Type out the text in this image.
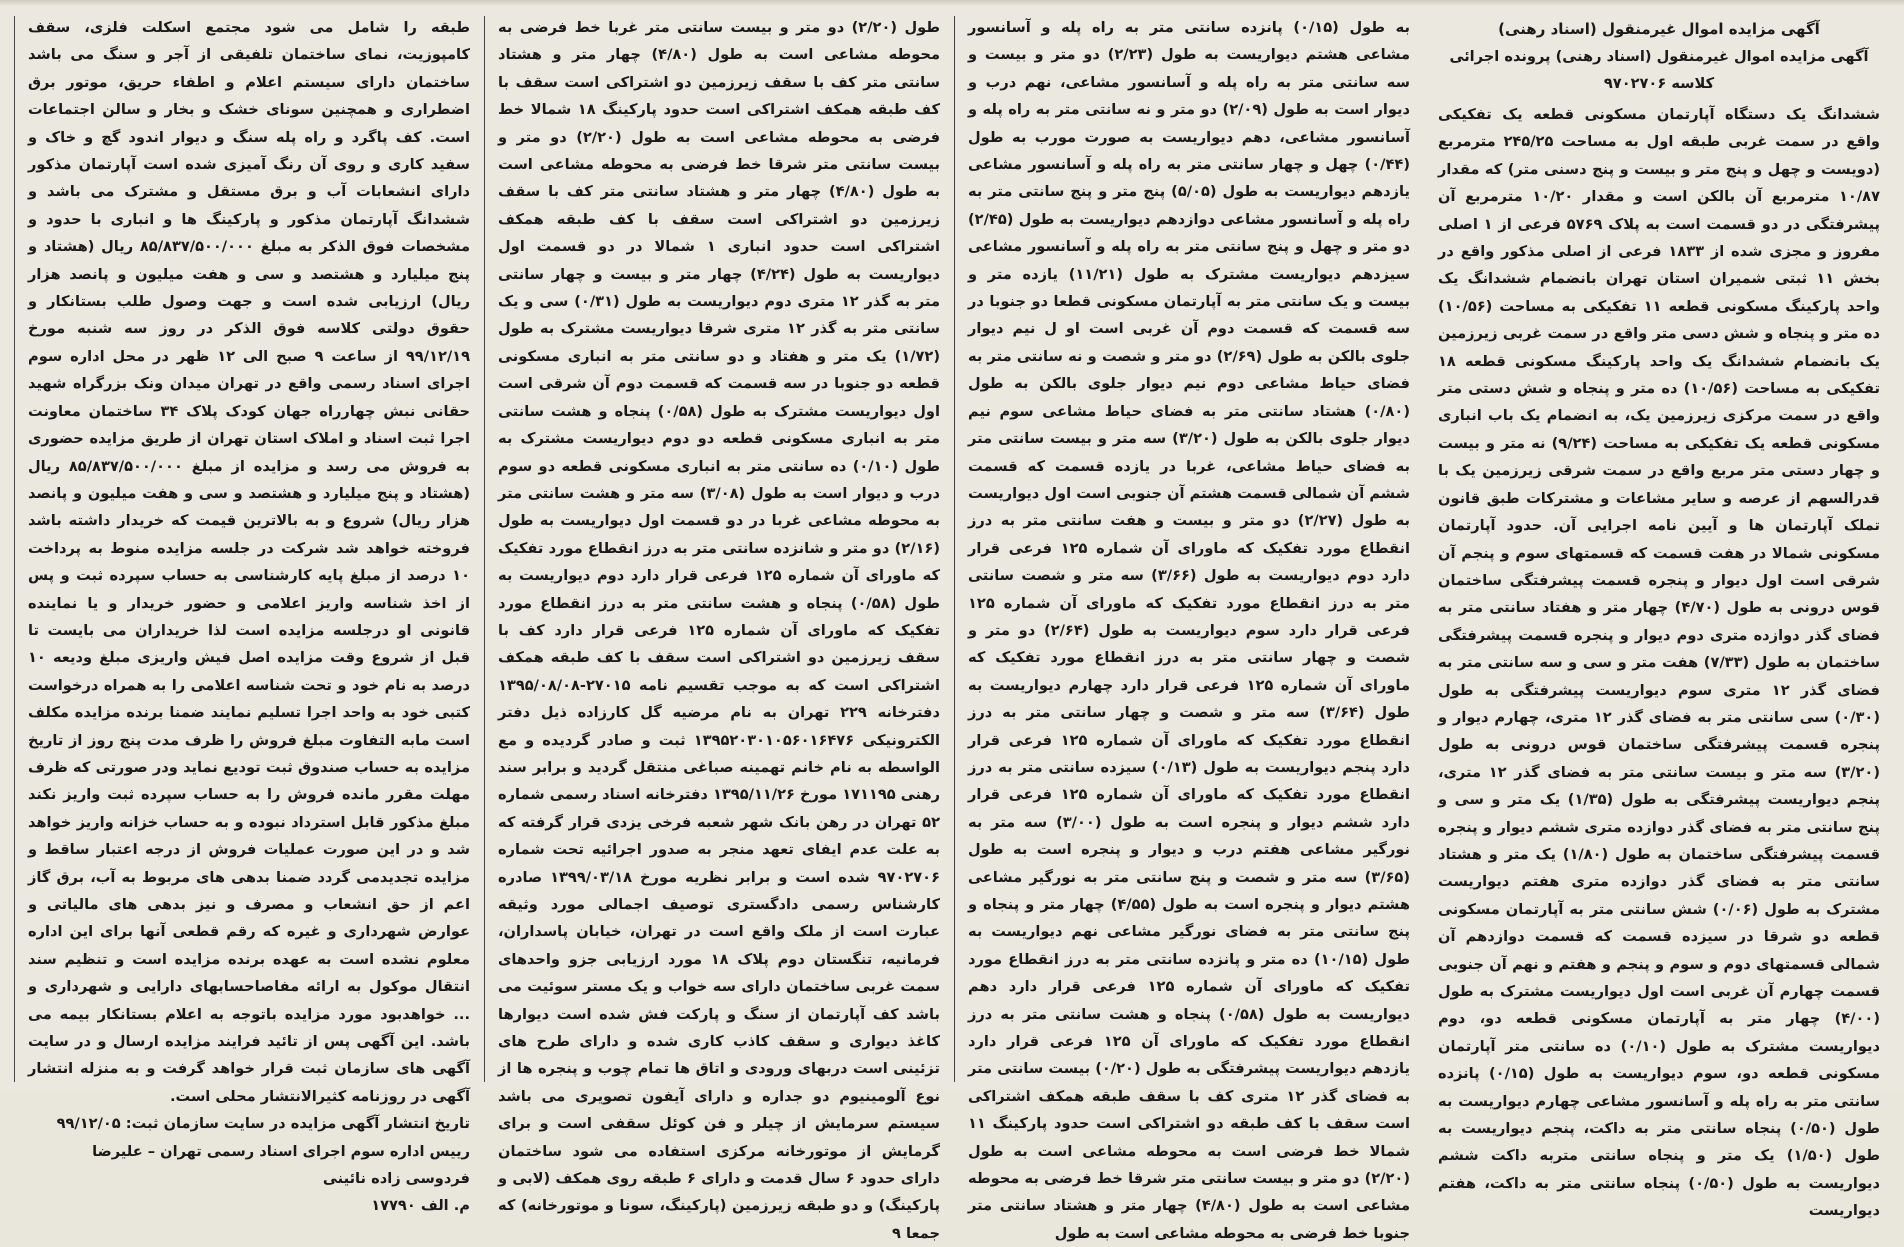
آگهی مزایده اموال غیرمنقول (اسناد رهنی)
آگهی مزایده اموال غیرمنقول (اسناد رهنی) پرونده اجرائی
کلاسه ۹۷۰۲۷۰۶

ششدانگ یک دستگاه آپارتمان مسکونی قطعه یک تفکیکی واقع در سمت غربی طبقه اول به مساحت ۲۴۵/۲۵ مترمربع (دویست و چهل و پنج متر و بیست و پنج دسنی متر) که مقدار ۱۰/۸۷ مترمربع آن بالکن است و مقدار ۱۰/۲۰ مترمربع آن پیشرفتگی در دو قسمت است به پلاک ۵۷۶۹ فرعی از ۱ اصلی مفروز و مجزی شده از ۱۸۳۳ فرعی از اصلی مذکور واقع در بخش ۱۱ ثبتی شمیران استان تهران بانضمام ششدانگ یک واحد پارکینگ مسکونی قطعه ۱۱ تفکیکی به مساحت (۱۰/۵۶) ده متر و پنجاه و شش دسی متر واقع در سمت غربی زیرزمین یک بانضمام ششدانگ یک واحد پارکینگ مسکونی قطعه ۱۸ تفکیکی به مساحت (۱۰/۵۶) ده متر و پنجاه و شش دستی متر واقع در سمت مرکزی زیرزمین یک، به انضمام یک باب انباری مسکونی قطعه یک تفکیکی به مساحت (۹/۲۴) نه متر و بیست و چهار دستی متر مربع واقع در سمت شرقی زیرزمین یک با قدرالسهم از عرصه و سایر مشاعات و مشترکات طبق قانون تملک آپارتمان ها و آیین نامه اجرایی آن. حدود آپارتمان مسکونی شمالا در هفت قسمت که قسمتهای سوم و پنجم آن شرقی است اول دیوار و پنجره قسمت پیشرفتگی ساختمان قوس درونی به طول (۴/۷۰) چهار متر و هفتاد سانتی متر به فضای گذر دوازده متری دوم دیوار و پنجره قسمت پیشرفتگی ساختمان به طول (۷/۳۳) هفت متر و سی و سه سانتی متر به فضای گذر ۱۲ متری سوم دیواریست پیشرفتگی به طول (۰/۳۰) سی سانتی متر به فضای گذر ۱۲ متری، چهارم دیوار و پنجره قسمت پیشرفتگی ساختمان قوس درونی به طول (۳/۲۰) سه متر و بیست سانتی متر به فضای گذر ۱۲ متری، پنجم دیواریست پیشرفتگی به طول (۱/۳۵) یک متر و سی و پنج سانتی متر به فضای گذر دوازده متری ششم دیوار و پنجره قسمت پیشرفتگی ساختمان به طول (۱/۸۰) یک متر و هشتاد سانتی متر به فضای گذر دوازده متری هفتم دیواریست مشترک به طول (۰/۰۶) شش سانتی متر به آپارتمان مسکونی قطعه دو شرقا در سیزده قسمت که قسمت دوازدهم آن شمالی قسمتهای دوم و سوم و پنجم و هفتم و نهم آن جنوبی قسمت چهارم آن غربی است اول دیواریست مشترک به طول (۴/۰۰) چهار متر به آپارتمان مسکونی قطعه دو، دوم دیواریست مشترک به طول (۰/۱۰) ده سانتی متر آپارتمان مسکونی قطعه دو، سوم دیواریست به طول (۰/۱۵) پانزده سانتی متر به راه پله و آسانسور مشاعی چهارم دیواریست به طول (۰/۵۰) پنجاه سانتی متر به داکت، پنجم دیواریست به طول (۱/۵۰) یک متر و پنجاه سانتی متربه داکت ششم دیواریست به طول (۰/۵۰) پنجاه سانتی متر به داکت، هفتم دیواریست

به طول (۰/۱۵) پانزده سانتی متر به راه پله و آسانسور مشاعی هشتم دیواریست به طول (۲/۲۳) دو متر و بیست و سه سانتی متر به راه پله و آسانسور مشاعی، نهم درب و دیوار است به طول (۲/۰۹) دو متر و نه سانتی متر به راه پله و آسانسور مشاعی، دهم دیواریست به صورت مورب به طول (۰/۴۴) چهل و چهار سانتی متر به راه پله و آسانسور مشاعی یازدهم دیواریست به طول (۵/۰۵) پنج متر و پنج سانتی متر به راه پله و آسانسور مشاعی دوازدهم دیواریست به طول (۲/۴۵) دو متر و چهل و پنج سانتی متر به راه پله و آسانسور مشاعی سیزدهم دیواریست مشترک به طول (۱۱/۲۱) یازده متر و بیست و یک سانتی متر به آپارتمان مسکونی قطعا دو جنوبا در سه قسمت که قسمت دوم آن غربی است او ل نیم دیوار جلوی بالکن به طول (۲/۶۹) دو متر و شصت و نه سانتی متر به فضای حیاط مشاعی دوم نیم دیوار جلوی بالکن به طول (۰/۸۰) هشتاد سانتی متر به فضای حیاط مشاعی سوم نیم دیوار جلوی بالکن به طول (۳/۲۰) سه متر و بیست سانتی متر به فضای حیاط مشاعی، غربا در یازده قسمت که قسمت ششم آن شمالی قسمت هشتم آن جنوبی است اول دیواریست به طول (۲/۲۷) دو متر و بیست و هفت سانتی متر به درز انقطاع مورد تفکیک که ماورای آن شماره ۱۲۵ فرعی قرار دارد دوم دیواریست به طول (۳/۶۶) سه متر و شصت سانتی متر به درز انقطاع مورد تفکیک که ماورای آن شماره ۱۲۵ فرعی قرار دارد سوم دیواریست به طول (۲/۶۴) دو متر و شصت و چهار سانتی متر به درز انقطاع مورد تفکیک که ماورای آن شماره ۱۲۵ فرعی قرار دارد چهارم دیواریست به طول (۳/۶۴) سه متر و شصت و چهار سانتی متر به درز انقطاع مورد تفکیک که ماورای آن شماره ۱۲۵ فرعی قرار دارد پنجم دیواریست به طول (۰/۱۳) سیزده سانتی متر به درز انقطاع مورد تفکیک که ماورای آن شماره ۱۲۵ فرعی قرار دارد ششم دیوار و پنجره است به طول (۳/۰۰) سه متر به نورگیر مشاعی هفتم درب و دیوار و پنجره است به طول (۳/۶۵) سه متر و شصت و پنج سانتی متر به نورگیر مشاعی هشتم دیوار و پنجره است به طول (۴/۵۵) چهار متر و پنجاه و پنج سانتی متر به فضای نورگیر مشاعی نهم دیواریست به طول (۱۰/۱۵) ده متر و پانزده سانتی متر به درز انقطاع مورد تفکیک که ماورای آن شماره ۱۲۵ فرعی قرار دارد دهم دیواریست به طول (۰/۵۸) پنجاه و هشت سانتی متر به درز انقطاع مورد تفکیک که ماورای آن ۱۲۵ فرعی قرار دارد یازدهم دیواریست پیشرفتگی به طول (۰/۲۰) بیست سانتی متر به فضای گذر ۱۲ متری کف با سقف طبقه همکف اشتراکی است سقف با کف طبقه دو اشتراکی است حدود پارکینگ ۱۱ شمالا خط فرضی است به محوطه مشاعی است به طول (۲/۲۰) دو متر و بیست سانتی متر شرقا خط فرضی به محوطه مشاعی است به طول (۴/۸۰) چهار متر و هشتاد سانتی متر جنوبا خط فرضی به محوطه مشاعی است به طول

طول (۲/۲۰) دو متر و بیست سانتی متر غربا خط فرضی به محوطه مشاعی است به طول (۴/۸۰) چهار متر و هشتاد سانتی متر کف با سقف زیرزمین دو اشتراکی است سقف با کف طبقه همکف اشتراکی است حدود پارکینگ ۱۸ شمالا خط فرضی به محوطه مشاعی است به طول (۲/۲۰) دو متر و بیست سانتی متر شرقا خط فرضی به محوطه مشاعی است به طول (۴/۸۰) چهار متر و هشتاد سانتی متر کف با سقف زیرزمین دو اشتراکی است سقف با کف طبقه همکف اشتراکی است حدود انباری ۱ شمالا در دو قسمت اول دیواریست به طول (۴/۲۴) چهار متر و بیست و چهار سانتی متر به گذر ۱۲ متری دوم دیواریست به طول (۰/۳۱) سی و یک سانتی متر به گذر ۱۲ متری شرقا دیواریست مشترک به طول (۱/۷۲) یک متر و هفتاد و دو سانتی متر به انباری مسکونی قطعه دو جنوبا در سه قسمت که قسمت دوم آن شرقی است اول دیواریست مشترک به طول (۰/۵۸) پنجاه و هشت سانتی متر به انباری مسکونی قطعه دو دوم دیواریست مشترک به طول (۰/۱۰) ده سانتی متر به انباری مسکونی قطعه دو سوم درب و دیوار است به طول (۳/۰۸) سه متر و هشت سانتی متر به محوطه مشاعی غربا در دو قسمت اول دیواریست به طول (۲/۱۶) دو متر و شانزده سانتی متر به درز انقطاع مورد تفکیک که ماورای آن شماره ۱۲۵ فرعی قرار دارد دوم دیواریست به طول (۰/۵۸) پنجاه و هشت سانتی متر به درز انقطاع مورد تفکیک که ماورای آن شماره ۱۲۵ فرعی قرار دارد کف با سقف زیرزمین دو اشتراکی است سقف با کف طبقه همکف اشتراکی است که به موجب تقسیم نامه ۲۷۰۱۵-۱۳۹۵/۰۸/۰۸ دفترخانه ۲۲۹ تهران به نام مرضیه گل کارزاده ذیل دفتر الکترونیکی ۱۳۹۵۲۰۳۰۱۰۵۶۰۱۶۴۷۶ ثبت و صادر گردیده و مع الواسطه به نام خانم تهمینه صباغی منتقل گردید و برابر سند رهنی ۱۷۱۱۹۵ مورخ ۱۳۹۵/۱۱/۲۶ دفترخانه اسناد رسمی شماره ۵۲ تهران در رهن بانک شهر شعبه فرخی یزدی قرار گرفته که به علت عدم ایفای تعهد منجر به صدور اجرائیه تحت شماره ۹۷۰۲۷۰۶ شده است و برابر نظریه مورخ ۱۳۹۹/۰۳/۱۸ صادره کارشناس رسمی دادگستری توصیف اجمالی مورد وثیقه عبارت است از ملک واقع است در تهران، خیابان پاسداران، فرمانیه، تنگستان دوم پلاک ۱۸ مورد ارزیابی جزو واحدهای سمت غربی ساختمان دارای سه خواب و یک مستر سوئیت می باشد کف آپارتمان از سنگ و پارکت فش شده است دیوارها کاغذ دیواری و سقف کاذب کاری شده و دارای طرح های تزئینی است دربهای ورودی و اتاق ها تمام چوب و پنجره ها از نوع آلومینیوم دو جداره و دارای آیفون تصویری می باشد سیستم سرمایش از چیلر و فن کوئل سقفی است و برای گرمایش از موتورخانه مرکزی استفاده می شود ساختمان دارای حدود ۶ سال قدمت و دارای ۶ طبقه روی همکف (لابی و پارکینگ) و دو طبقه زیرزمین (پارکینگ، سونا و موتورخانه) که جمعا ۹

طبقه را شامل می شود مجتمع اسکلت فلزی، سقف کامپوزیت، نمای ساختمان تلفیقی از آجر و سنگ می باشد ساختمان دارای سیستم اعلام و اطفاء حریق، موتور برق اضطراری و همچنین سونای خشک و بخار و سالن اجتماعات است. کف پاگرد و راه پله سنگ و دیوار اندود گچ و خاک و سفید کاری و روی آن رنگ آمیزی شده است آپارتمان مذکور دارای انشعابات آب و برق مستقل و مشترک می باشد و ششدانگ آپارتمان مذکور و پارکینگ ها و انباری با حدود و مشخصات فوق الذکر به مبلغ ۸۵/۸۳۷/۵۰۰/۰۰۰ ریال (هشتاد و پنج میلیارد و هشتصد و سی و هفت میلیون و پانصد هزار ریال) ارزیابی شده است و جهت وصول طلب بستانکار و حقوق دولتی کلاسه فوق الذکر در روز سه شنبه مورخ ۹۹/۱۲/۱۹ از ساعت ۹ صبح الی ۱۲ ظهر در محل اداره سوم اجرای اسناد رسمی واقع در تهران میدان ونک بزرگراه شهید حقانی نبش چهارراه جهان کودک پلاک ۳۴ ساختمان معاونت اجرا ثبت اسناد و املاک استان تهران از طریق مزایده حضوری به فروش می رسد و مزایده از مبلغ ۸۵/۸۳۷/۵۰۰/۰۰۰ ریال (هشتاد و پنج میلیارد و هشتصد و سی و هفت میلیون و پانصد هزار ریال) شروع و به بالاترین قیمت که خریدار داشته باشد فروخته خواهد شد شرکت در جلسه مزایده منوط به پرداخت ۱۰ درصد از مبلغ پایه کارشناسی به حساب سپرده ثبت و پس از اخذ شناسه واریز اعلامی و حضور خریدار و یا نماینده قانونی او درجلسه مزایده است لذا خریداران می بایست تا قبل از شروع وقت مزایده اصل فیش واریزی مبلغ ودیعه ۱۰ درصد به نام خود و تحت شناسه اعلامی را به همراه درخواست کتبی خود به واحد اجرا تسلیم نمایند ضمنا برنده مزایده مکلف است مابه التفاوت مبلغ فروش را ظرف مدت پنج روز از تاریخ مزایده به حساب صندوق ثبت تودیع نماید ودر صورتی که ظرف مهلت مقرر مانده فروش را به حساب سپرده ثبت واریز نکند مبلغ مذکور قابل استرداد نبوده و به حساب خزانه واریز خواهد شد و در این صورت عملیات فروش از درجه اعتبار ساقط و مزایده تجدیدمی گردد ضمنا بدهی های مربوط به آب، برق گاز اعم از حق انشعاب و مصرف و نیز بدهی های مالیاتی و عوارض شهرداری و غیره که رقم قطعی آنها برای این اداره معلوم نشده است به عهده برنده مزایده است و تنظیم سند انتقال موکول به ارائه مفاصاحسابهای دارایی و شهرداری و ... خواهدبود مورد مزایده باتوجه به اعلام بستانکار بیمه می باشد. این آگهی پس از تائید فرایند مزایده ارسال و در سایت آگهی های سازمان ثبت قرار خواهد گرفت و به منزله انتشار آگهی در روزنامه کثیرالانتشار محلی است.

تاریخ انتشار آگهی مزایده در سایت سازمان ثبت: ۹۹/۱۲/۰۵

رییس اداره سوم اجرای اسناد رسمی تهران – علیرضا فردوسی زاده نائینی

م. الف ۱۷۷۹۰
